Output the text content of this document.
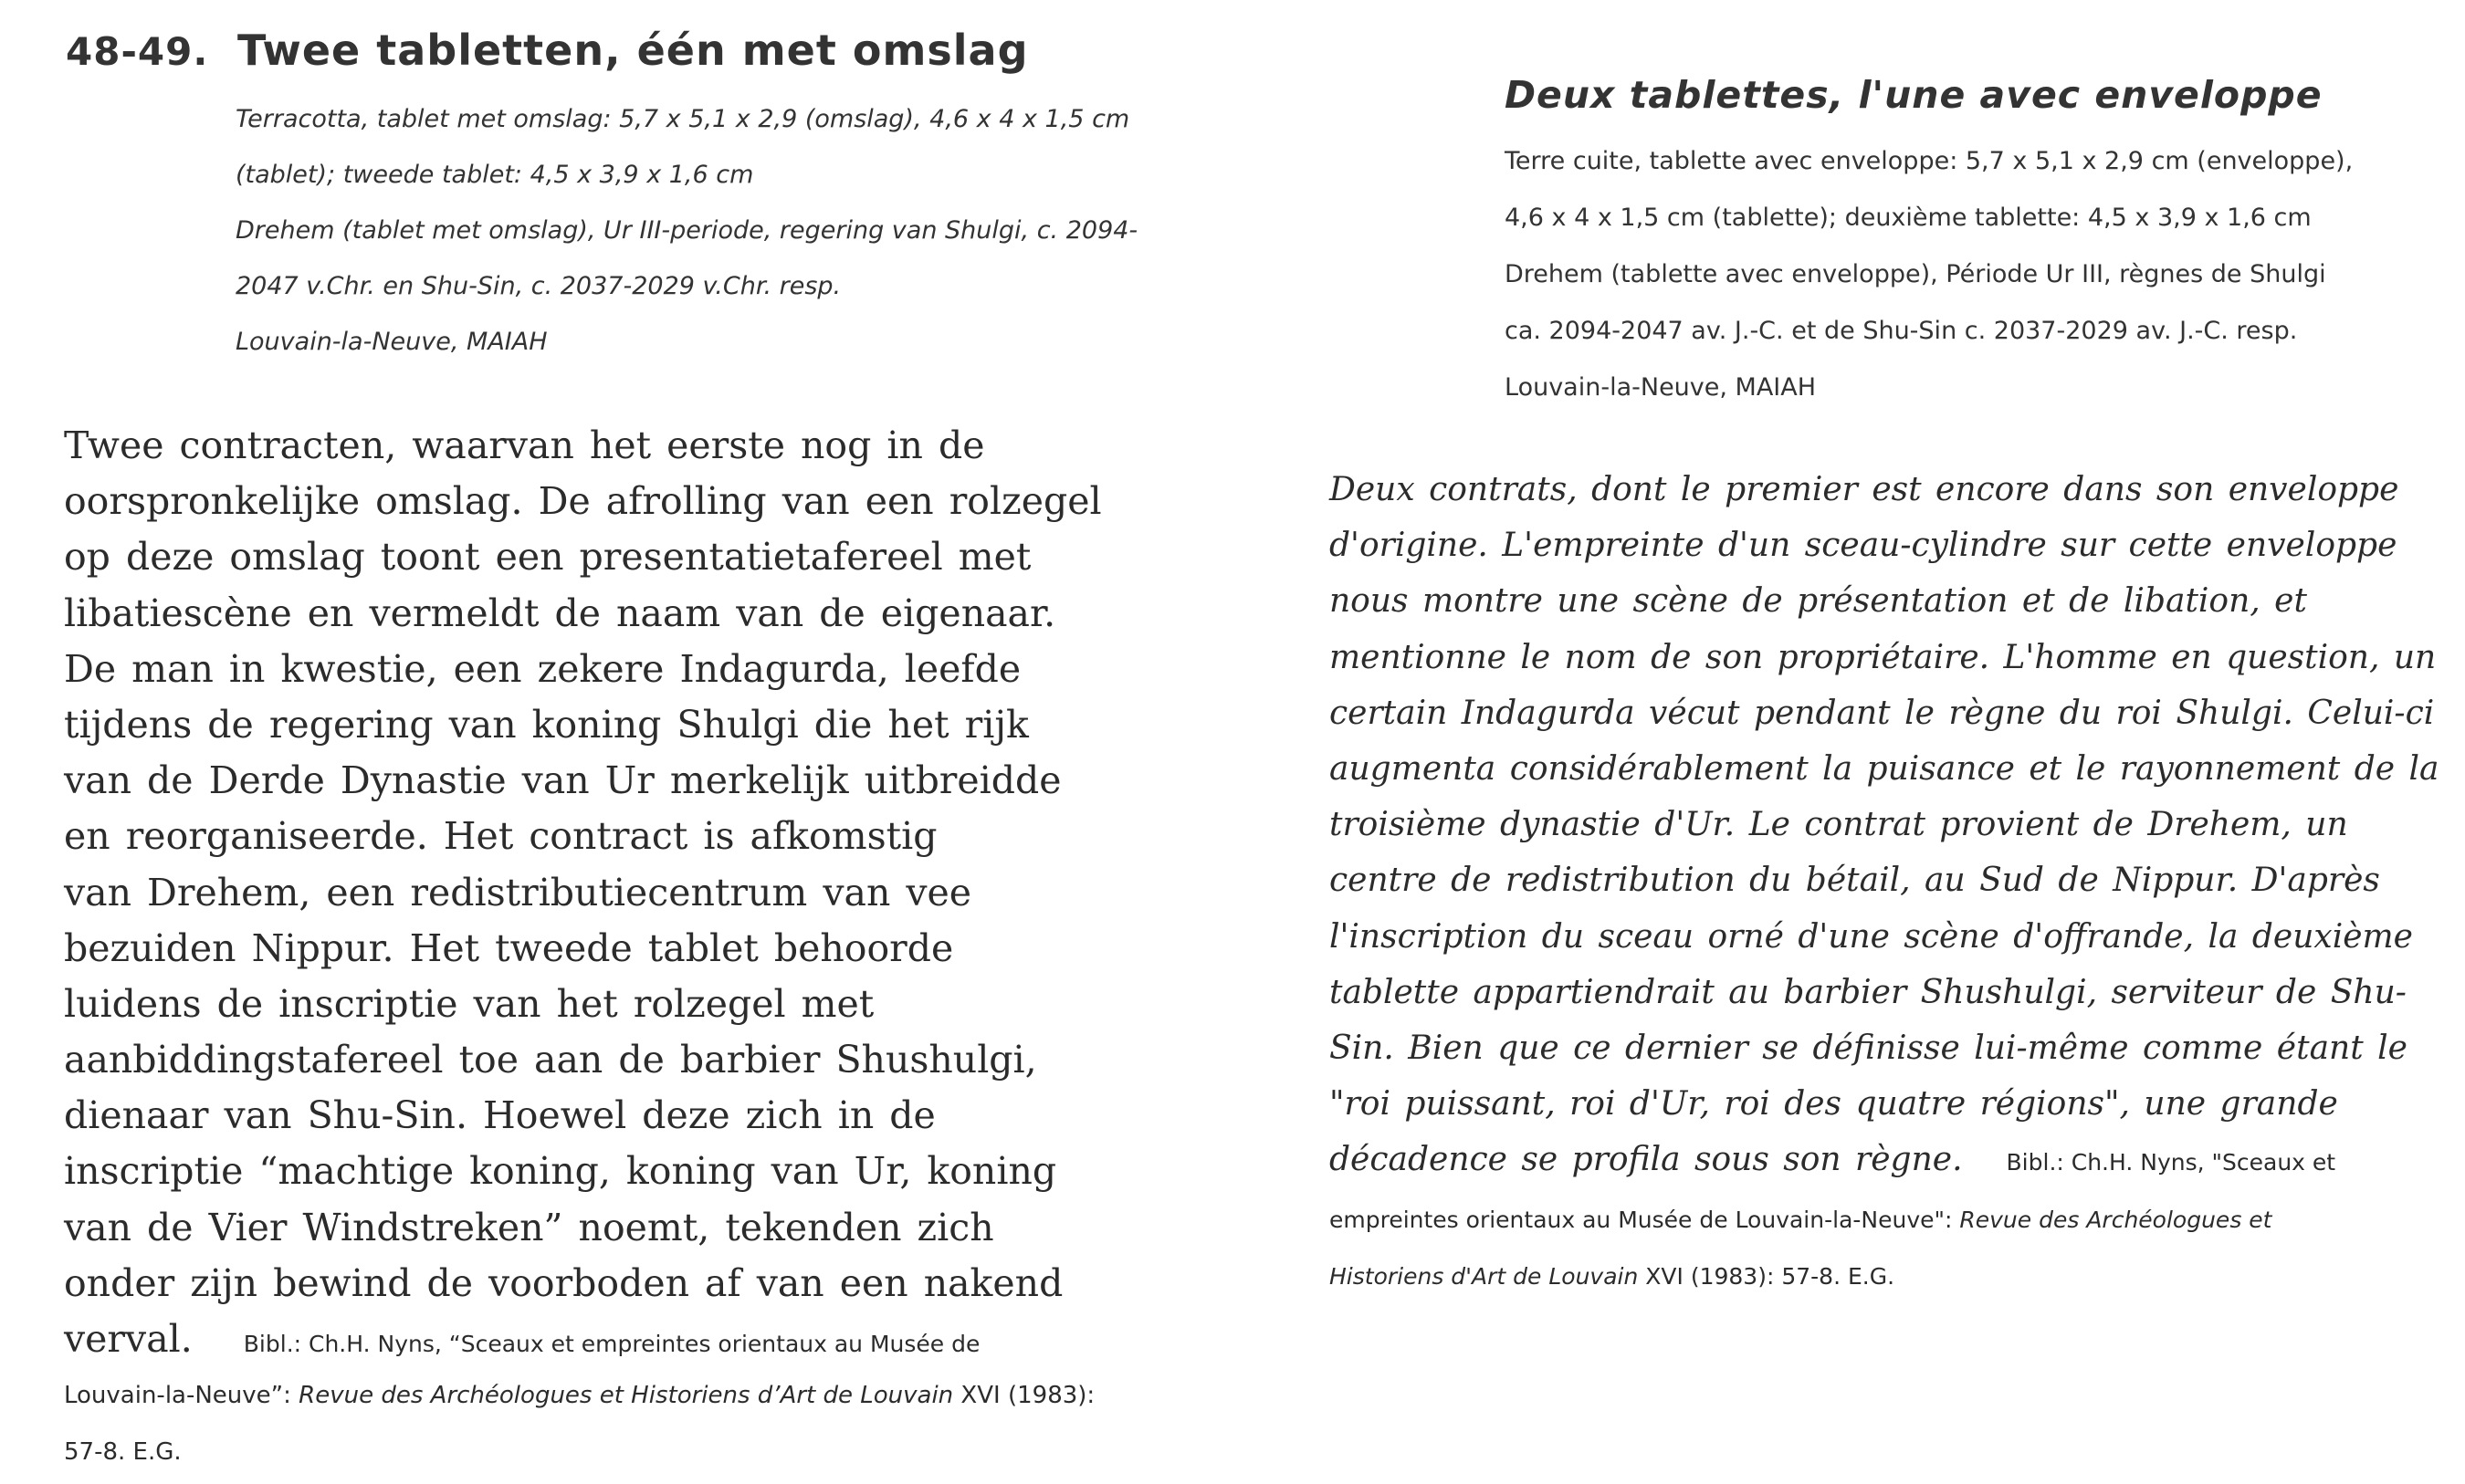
48-49. Twee tabletten, één met omslag
Terracotta, tablet met omslag: 5,7 x 5,1 x 2,9 (omslag), 4,6 x 4 x 1,5 cm
(tablet); tweede tablet: 4,5 x 3,9 x 1,6 cm
Drehem (tablet met omslag), Ur III-periode, regering van Shulgi, c. 2094-
2047 v.Chr. en Shu-Sin, c. 2037-2029 v.Chr. resp.
Louvain-la-Neuve, MAIAH
Twee contracten, waarvan het eerste nog in de
oorspronkelijke omslag. De afrolling van een rolzegel
op deze omslag toont een presentatietafereel met
libatiescène en vermeldt de naam van de eigenaar.
De man in kwestie, een zekere Indagurda, leefde
tijdens de regering van koning Shulgi die het rijk
van de Derde Dynastie van Ur merkelijk uitbreidde
en reorganiseerde. Het contract is afkomstig
van Drehem, een redistributiecentrum van vee
bezuiden Nippur. Het tweede tablet behoorde
luidens de inscriptie van het rolzegel met
aanbiddingstafereel toe aan de barbier Shushulgi,
dienaar van Shu-Sin. Hoewel deze zich in de
inscriptie “machtige koning, koning van Ur, koning
van de Vier Windstreken” noemt, tekenden zich
onder zijn bewind de voorboden af van een nakend
verval. Bibl.: Ch.H. Nyns, “Sceaux et empreintes orientaux au Musée de
Louvain-la-Neuve”: Revue des Archéologues et Historiens d’Art de Louvain XVI (1983):
57-8. E.G.
Deux tablettes, l'une avec enveloppe
Terre cuite, tablette avec enveloppe: 5,7 x 5,1 x 2,9 cm (enveloppe),
4,6 x 4 x 1,5 cm (tablette); deuxième tablette: 4,5 x 3,9 x 1,6 cm
Drehem (tablette avec enveloppe), Période Ur III, règnes de Shulgi
ca. 2094-2047 av. J.-C. et de Shu-Sin c. 2037-2029 av. J.-C. resp.
Louvain-la-Neuve, MAIAH
Deux contrats, dont le premier est encore dans son enveloppe
d'origine. L'empreinte d'un sceau-cylindre sur cette enveloppe
nous montre une scène de présentation et de libation, et
mentionne le nom de son propriétaire. L'homme en question, un
certain Indagurda vécut pendant le règne du roi Shulgi. Celui-ci
augmenta considérablement la puisance et le rayonnement de la
troisième dynastie d'Ur. Le contrat provient de Drehem, un
centre de redistribution du bétail, au Sud de Nippur. D'après
l'inscription du sceau orné d'une scène d'offrande, la deuxième
tablette appartiendrait au barbier Shushulgi, serviteur de Shu-
Sin. Bien que ce dernier se définisse lui-même comme étant le
"roi puissant, roi d'Ur, roi des quatre régions", une grande
décadence se profila sous son règne. Bibl.: Ch.H. Nyns, "Sceaux et
empreintes orientaux au Musée de Louvain-la-Neuve": Revue des Archéologues et
Historiens d'Art de Louvain XVI (1983): 57-8. E.G.
